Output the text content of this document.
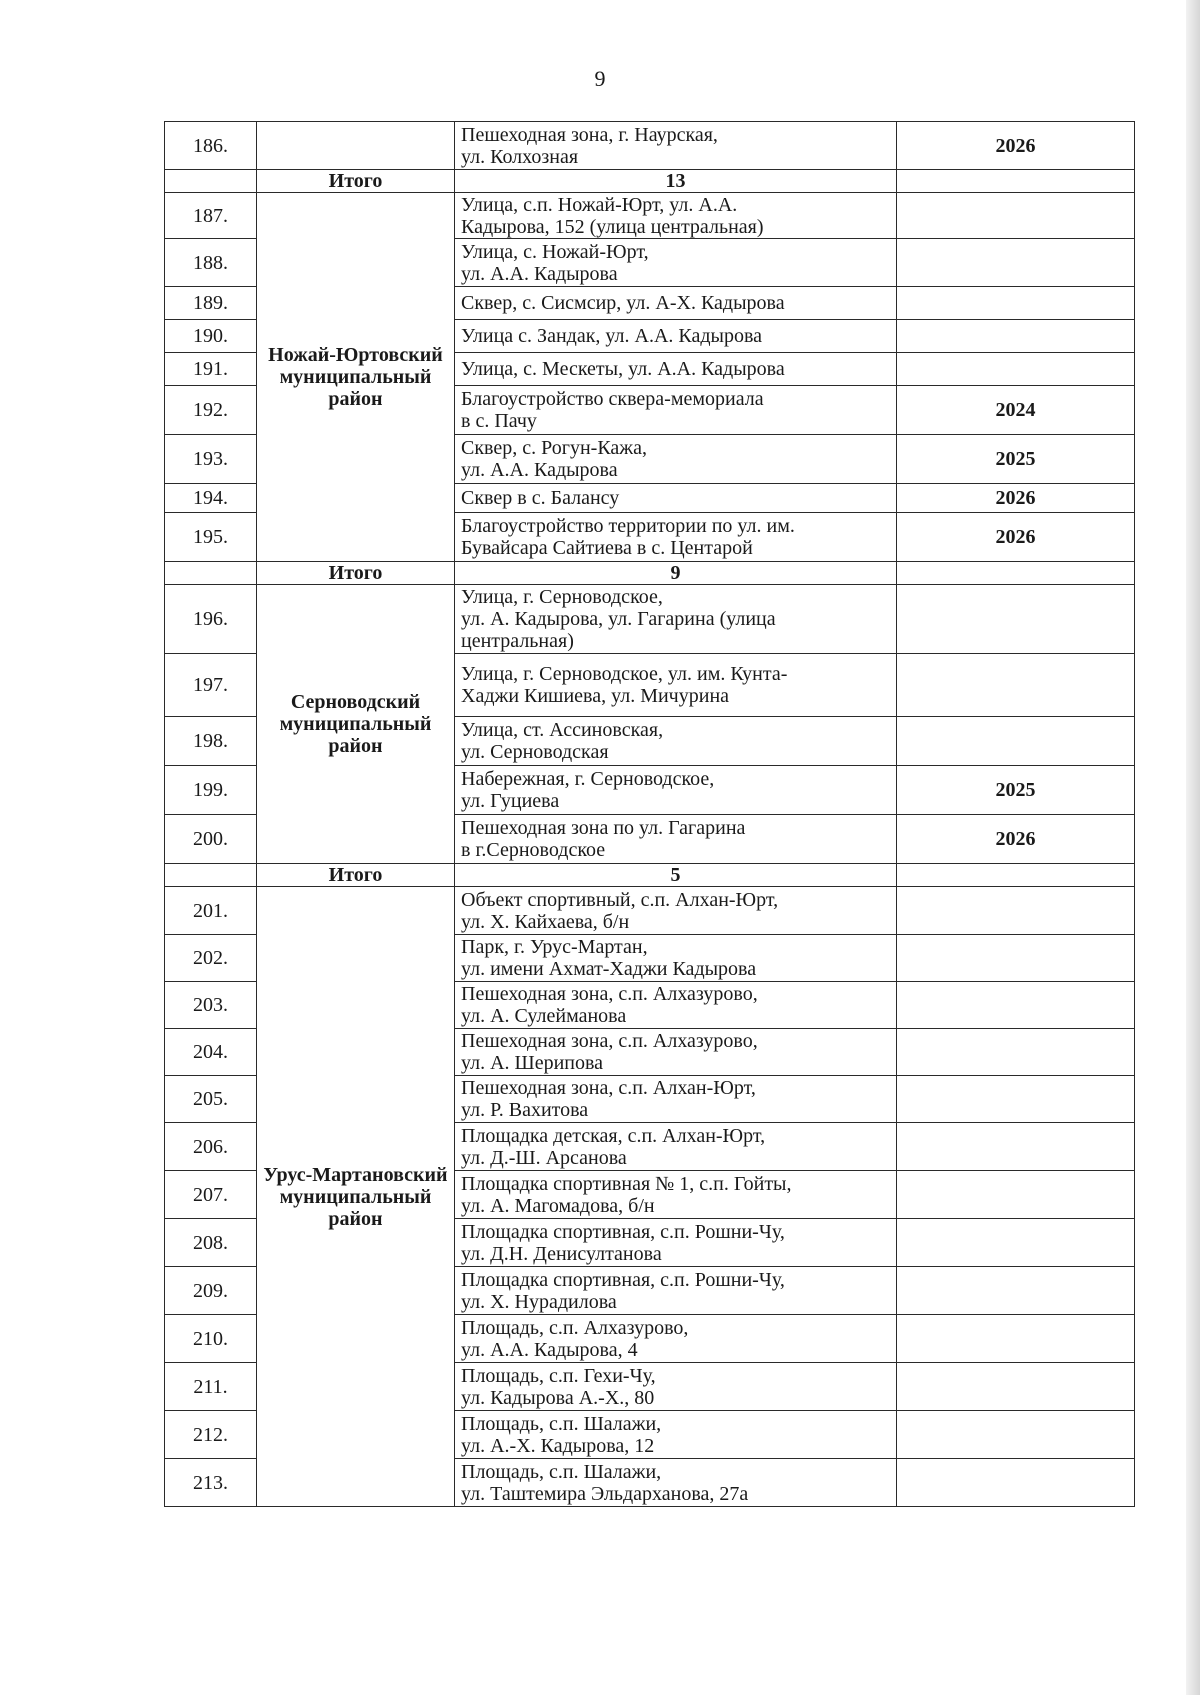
9
186.		Пешеходная зона, г. Наурская,
ул. Колхозная	2026
	Итого	13	
187.	Ножай-Юртовский муниципальный район	Улица, с.п. Ножай-Юрт, ул. А.А.
Кадырова, 152 (улица центральная)	

188.		Улица, с. Ножай-Юрт,
ул. А.А. Кадырова	

189.		Сквер, с. Сисмсир, ул. А-Х. Кадырова	

190.		Улица с. Зандак, ул. А.А. Кадырова	

191.		Улица, с. Мескеты, ул. А.А. Кадырова	

192.		Благоустройство сквера-мемориала
в с. Пачу	2024
193.		Сквер, с. Рогун-Кажа,
ул. А.А. Кадырова	2025
194.		Сквер в с. Балансу	2026
195.		Благоустройство территории по ул. им.
Бувайсара Сайтиева в с. Центарой	2026
	Итого	9	
196.	Серноводский муниципальный район	Улица, г. Серноводское,
ул. А. Кадырова, ул. Гагарина (улица
центральная)	

197.		Улица, г. Серноводское, ул. им. Кунта-
Хаджи Кишиева, ул. Мичурина	

198.		Улица, ст. Ассиновская,
ул. Серноводская	

199.		Набережная, г. Серноводское,
ул. Гуциева	2025
200.		Пешеходная зона по ул. Гагарина
в г.Серноводское	2026
	Итого	5	
201.	Урус-Мартановский муниципальный район	Объект спортивный, с.п. Алхан-Юрт,
ул. Х. Кайхаева, б/н	

202.		Парк, г. Урус-Мартан,
ул. имени Ахмат-Хаджи Кадырова	

203.		Пешеходная зона, с.п. Алхазурово,
ул. А. Сулейманова	

204.		Пешеходная зона, с.п. Алхазурово,
ул. А. Шерипова	

205.		Пешеходная зона, с.п. Алхан-Юрт,
ул. Р. Вахитова	

206.		Площадка детская, с.п. Алхан-Юрт,
ул. Д.-Ш. Арсанова	

207.		Площадка спортивная № 1, с.п. Гойты,
ул. А. Магомадова, б/н	

208.		Площадка спортивная, с.п. Рошни-Чу,
ул. Д.Н. Денисултанова	

209.		Площадка спортивная, с.п. Рошни-Чу,
ул. Х. Нурадилова	

210.		Площадь, с.п. Алхазурово,
ул. А.А. Кадырова, 4	

211.		Площадь, с.п. Гехи-Чу,
ул. Кадырова А.-Х., 80	

212.		Площадь, с.п. Шалажи,
ул. А.-Х. Кадырова, 12	

213.		Площадь, с.п. Шалажи,
ул. Таштемира Эльдарханова, 27а	
